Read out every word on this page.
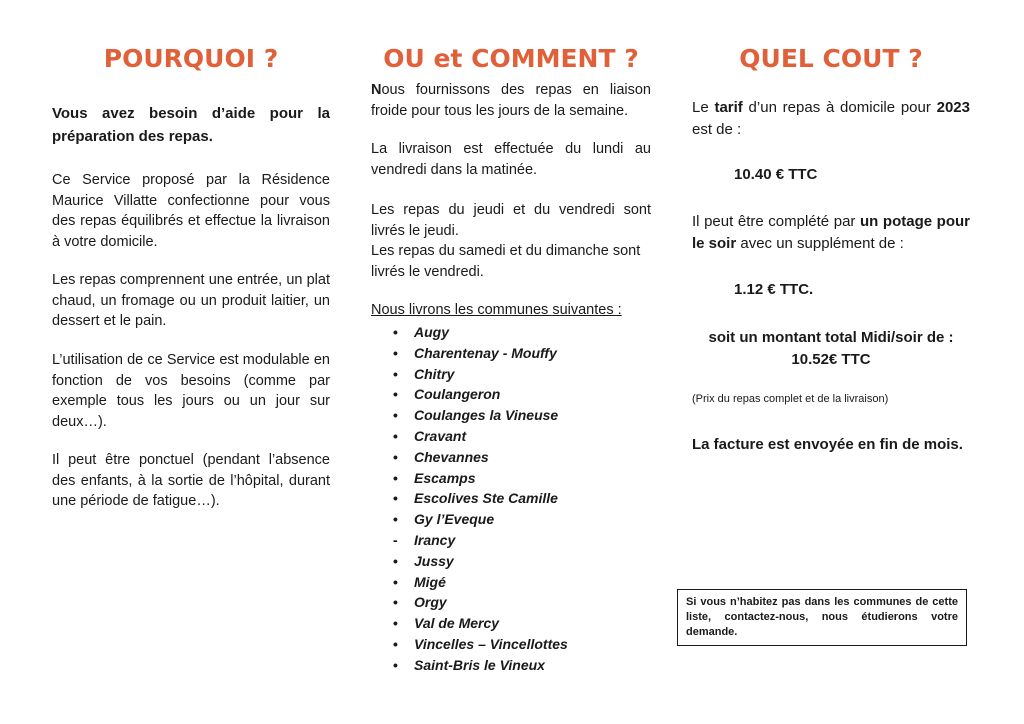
POURQUOI ?

Vous avez besoin d’aide pour la préparation des repas.

Ce Service proposé par la Résidence Maurice Villatte confectionne pour vous des repas équilibrés et effectue la livraison à votre domicile.

Les repas comprennent une entrée, un plat chaud, un fromage ou un produit laitier, un dessert et le pain.

L’utilisation de ce Service est modulable en fonction de vos besoins (comme par exemple tous les jours ou un jour sur deux…).

Il peut être ponctuel (pendant l’absence des enfants, à la sortie de l’hôpital, durant une période de fatigue…).

OU et COMMENT ?

Nous fournissons des repas en liaison froide pour tous les jours de la semaine.

La livraison est effectuée du lundi au vendredi dans la matinée.

Les repas du jeudi et du vendredi sont livrés le jeudi.

Les repas du samedi et du dimanche sont livrés le vendredi.

Nous livrons les communes suivantes :

• Augy
• Charentenay - Mouffy
• Chitry
• Coulangeron
• Coulanges la Vineuse
• Cravant
• Chevannes
• Escamps
• Escolives Ste Camille
• Gy l’Eveque
- Irancy
• Jussy
• Migé
• Orgy
• Val de Mercy
• Vincelles – Vincellottes
• Saint-Bris le Vineux
QUEL COUT ?

Le tarif d’un repas à domicile pour 2023 est de :

10.40 € TTC

Il peut être complété par un potage pour le soir avec un supplément de :

1.12 € TTC.

soit un montant total Midi/soir de :

10.52€ TTC

(Prix du repas complet et de la livraison)

La facture est envoyée en fin de mois.

Si vous n’habitez pas dans les communes de cette liste, contactez-nous, nous étudierons votre demande.
